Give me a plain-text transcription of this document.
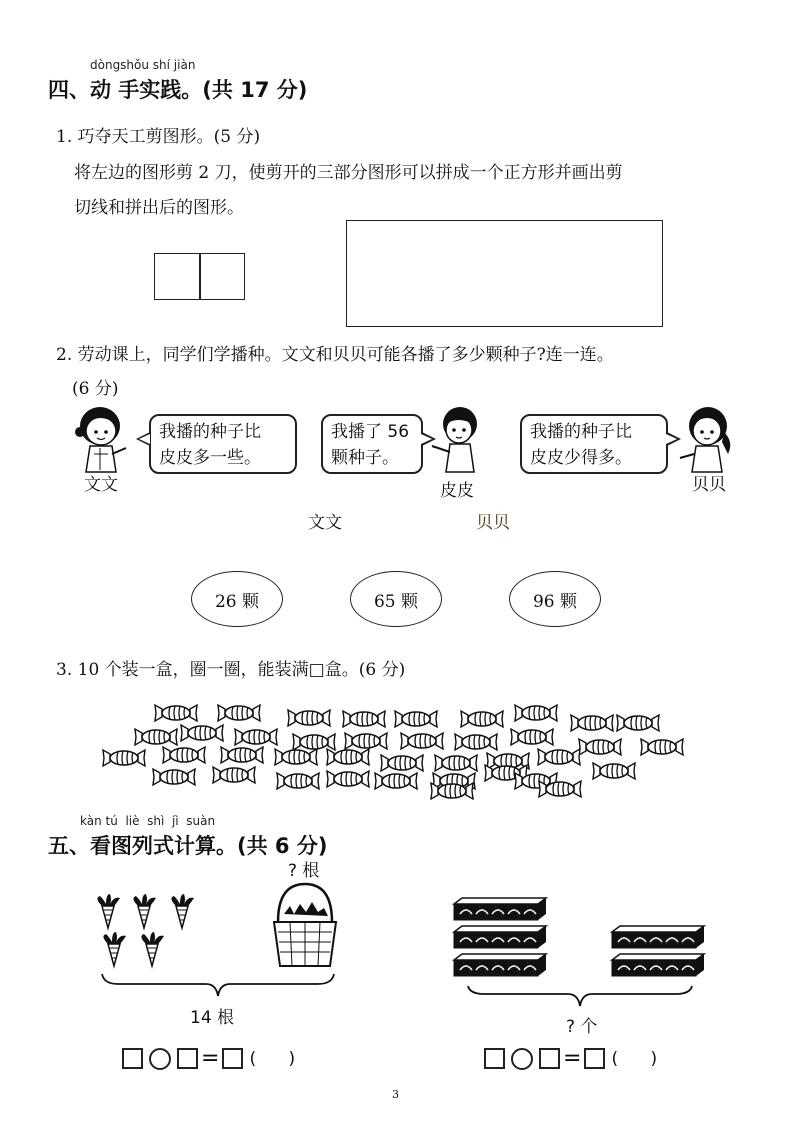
dòngshǒu shí jiàn
四、动 手实践。(共 17 分)
1. 巧夺天工剪图形。(5 分)
将左边的图形剪 2 刀，使剪开的三部分图形可以拼成一个正方形并画出剪
切线和拼出后的图形。
2. 劳动课上，同学们学播种。文文和贝贝可能各播了多少颗种子?连一连。
(6 分)
我播的种子比
皮皮多一些。
文文
我播了 56
颗种子。
皮皮
我播的种子比
皮皮少得多。
贝贝
文文	贝贝
26 颗	65 颗	96 颗
3. 10 个装一盒，圈一圈，能装满□盒。(6 分)
kàn tú  liè  shì  jì  suàn
五、看图列式计算。(共 6 分)
? 根
14 根
= (      )
? 个
= (      )
3
